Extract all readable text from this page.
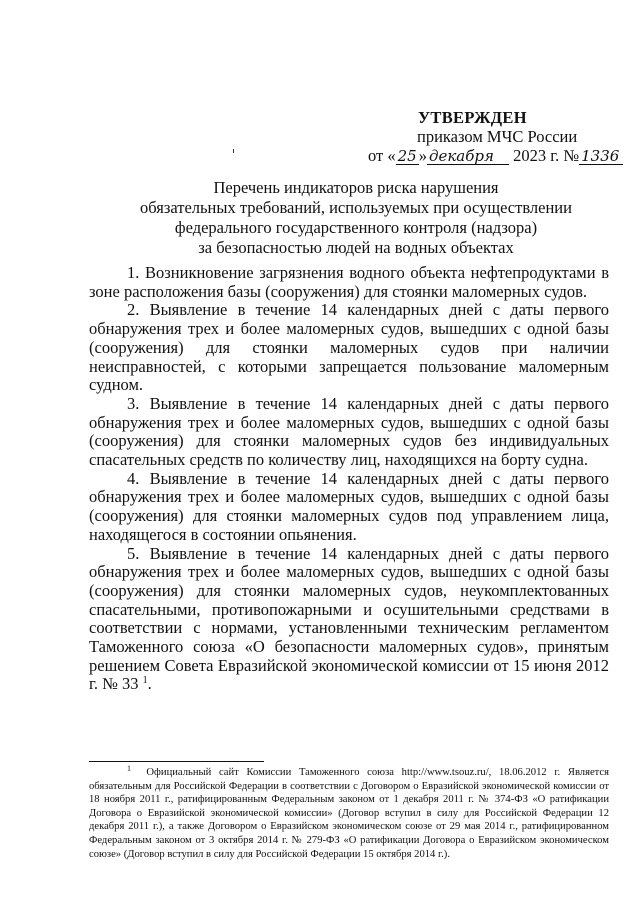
УТВЕРЖДЕН
приказом МЧС России
от « 25 » декабря 2023 г. № 1336
Перечень индикаторов риска нарушения
обязательных требований, используемых при осуществлении
федерального государственного контроля (надзора)
за безопасностью людей на водных объектах

1. Возникновение загрязнения водного объекта нефтепродуктами в зоне расположения базы (сооружения) для стоянки маломерных судов.

2. Выявление в течение 14 календарных дней с даты первого обнаружения трех и более маломерных судов, вышедших с одной базы (сооружения) для стоянки маломерных судов при наличии неисправностей, с которыми запрещается пользование маломерным судном.

3. Выявление в течение 14 календарных дней с даты первого обнаружения трех и более маломерных судов, вышедших с одной базы (сооружения) для стоянки маломерных судов без индивидуальных спасательных средств по количеству лиц, находящихся на борту судна.

4. Выявление в течение 14 календарных дней с даты первого обнаружения трех и более маломерных судов, вышедших с одной базы (сооружения) для стоянки маломерных судов под управлением лица, находящегося в состоянии опьянения.

5. Выявление в течение 14 календарных дней с даты первого обнаружения трех и более маломерных судов, вышедших с одной базы (сооружения) для стоянки маломерных судов, неукомплектованных спасательными, противопожарными и осушительными средствами в соответствии с нормами, установленными техническим регламентом Таможенного союза «О безопасности маломерных судов», принятым решением Совета Евразийской экономической комиссии от 15 июня 2012 г. № 33 $^1$.

$^1$ Официальный сайт Комиссии Таможенного союза http://www.tsouz.ru/, 18.06.2012 г. Является обязательным для Российской Федерации в соответствии с Договором о Евразийской экономической комиссии от 18 ноября 2011 г., ратифицированным Федеральным законом от 1 декабря 2011 г. № 374-ФЗ «О ратификации Договора о Евразийской экономической комиссии» (Договор вступил в силу для Российской Федерации 12 декабря 2011 г.), а также Договором о Евразийском экономическом союзе от 29 мая 2014 г., ратифицированном Федеральным законом от 3 октября 2014 г. № 279-ФЗ «О ратификации Договора о Евразийском экономическом союзе» (Договор вступил в силу для Российской Федерации 15 октября 2014 г.).
